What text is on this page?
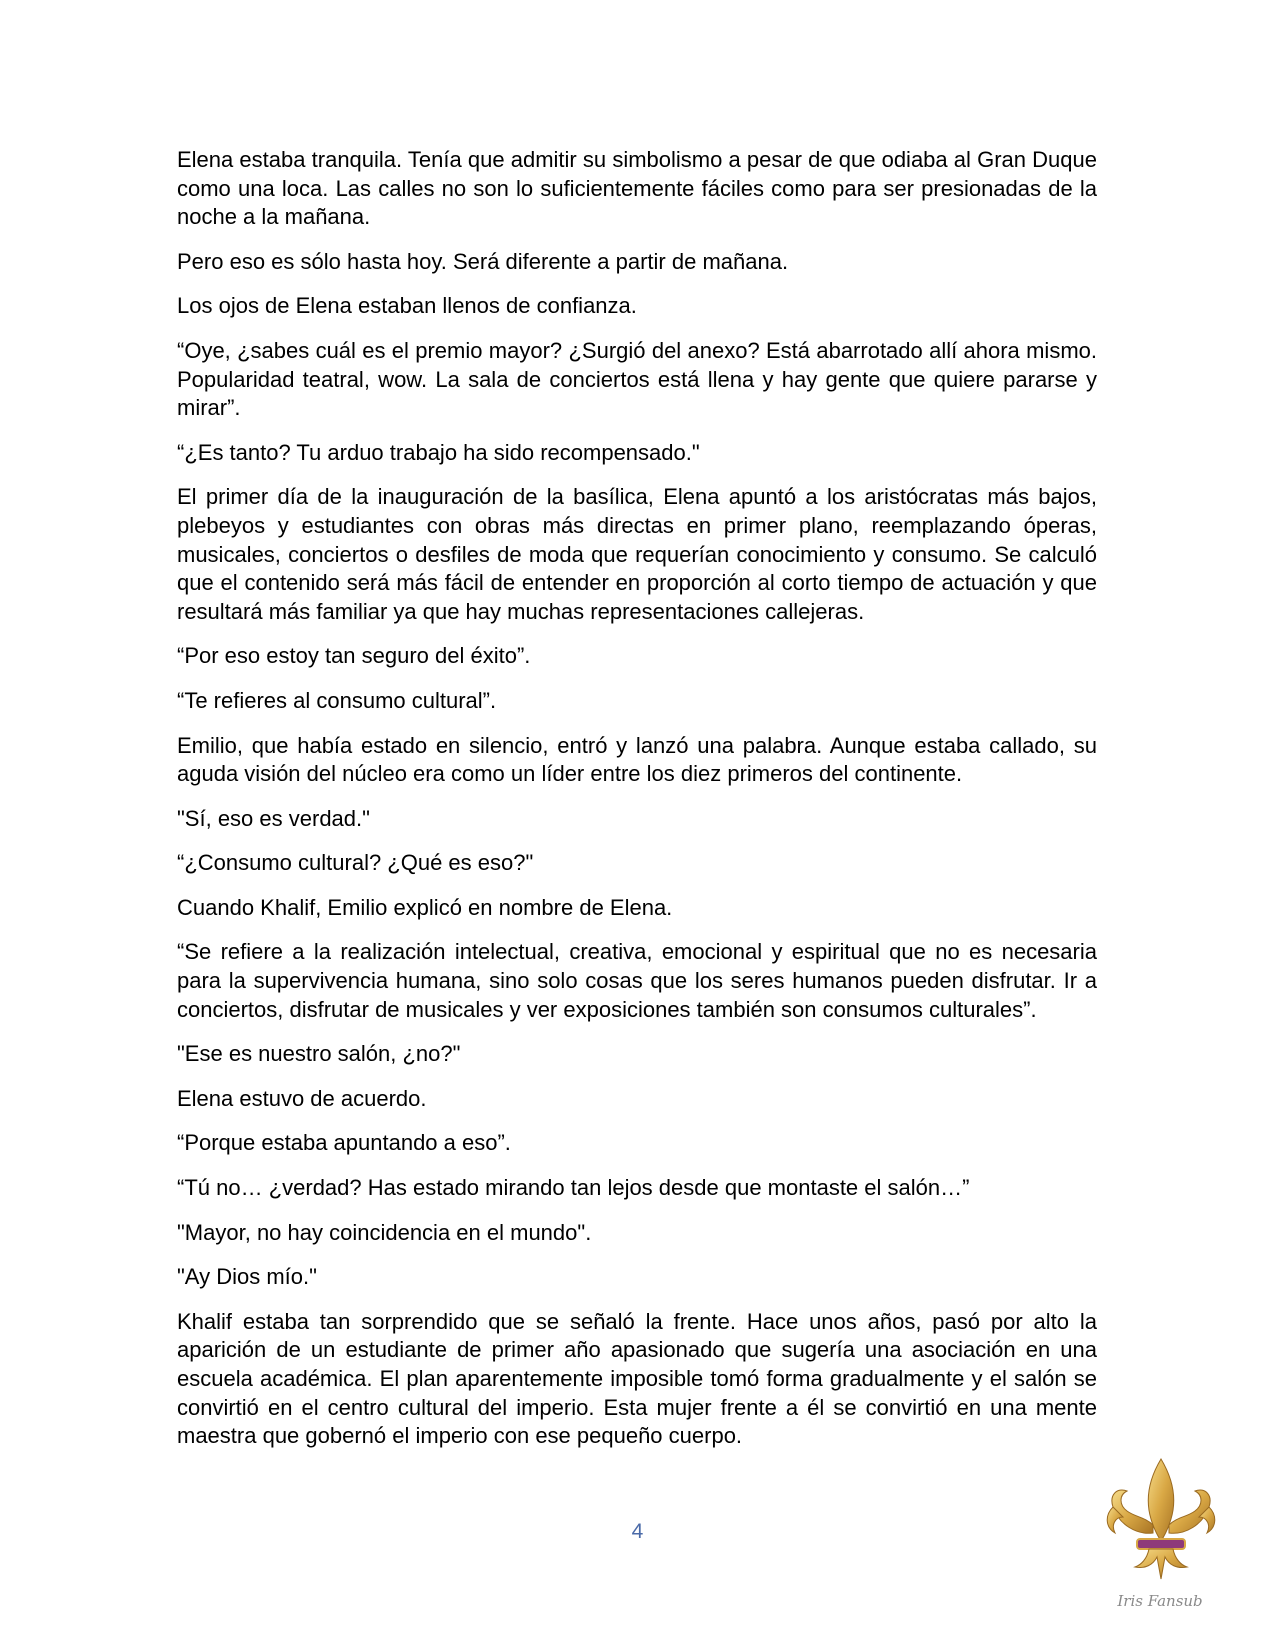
Elena estaba tranquila. Tenía que admitir su simbolismo a pesar de que odiaba al Gran Duque como una loca. Las calles no son lo suficientemente fáciles como para ser presionadas de la noche a la mañana.

Pero eso es sólo hasta hoy. Será diferente a partir de mañana.

Los ojos de Elena estaban llenos de confianza.

“Oye, ¿sabes cuál es el premio mayor? ¿Surgió del anexo? Está abarrotado allí ahora mismo. Popularidad teatral, wow. La sala de conciertos está llena y hay gente que quiere pararse y mirar”.

“¿Es tanto? Tu arduo trabajo ha sido recompensado."

El primer día de la inauguración de la basílica, Elena apuntó a los aristócratas más bajos, plebeyos y estudiantes con obras más directas en primer plano, reemplazando óperas, musicales, conciertos o desfiles de moda que requerían conocimiento y consumo. Se calculó que el contenido será más fácil de entender en proporción al corto tiempo de actuación y que resultará más familiar ya que hay muchas representaciones callejeras.

“Por eso estoy tan seguro del éxito”.

“Te refieres al consumo cultural”.

Emilio, que había estado en silencio, entró y lanzó una palabra. Aunque estaba callado, su aguda visión del núcleo era como un líder entre los diez primeros del continente.

"Sí, eso es verdad."

“¿Consumo cultural? ¿Qué es eso?"

Cuando Khalif, Emilio explicó en nombre de Elena.

“Se refiere a la realización intelectual, creativa, emocional y espiritual que no es necesaria para la supervivencia humana, sino solo cosas que los seres humanos pueden disfrutar. Ir a conciertos, disfrutar de musicales y ver exposiciones también son consumos culturales”.

"Ese es nuestro salón, ¿no?"

Elena estuvo de acuerdo.

“Porque estaba apuntando a eso”.

“Tú no… ¿verdad? Has estado mirando tan lejos desde que montaste el salón…”

"Mayor, no hay coincidencia en el mundo".

"Ay Dios mío."

Khalif estaba tan sorprendido que se señaló la frente. Hace unos años, pasó por alto la aparición de un estudiante de primer año apasionado que sugería una asociación en una escuela académica. El plan aparentemente imposible tomó forma gradualmente y el salón se convirtió en el centro cultural del imperio. Esta mujer frente a él se convirtió en una mente maestra que gobernó el imperio con ese pequeño cuerpo.

4
Iris Fansub
